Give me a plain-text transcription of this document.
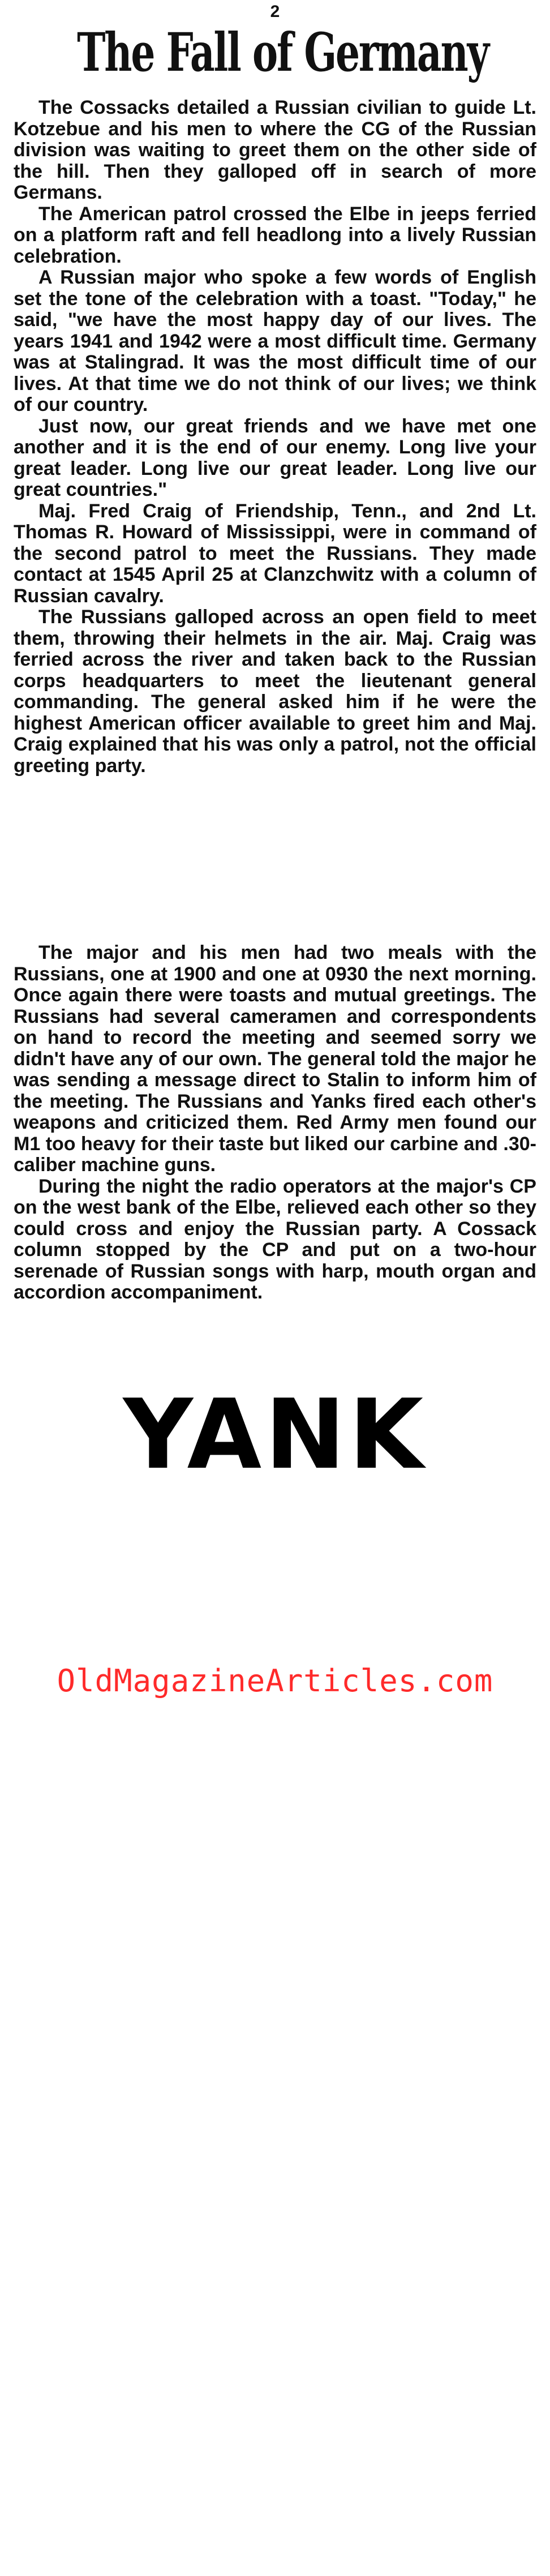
2
The Fall of Germany

The Cossacks detailed a Russian civilian to guide Lt. Kotzebue and his men to where the CG of the Russian division was waiting to greet them on the other side of the hill. Then they galloped off in search of more Germans.

The American patrol crossed the Elbe in jeeps ferried on a platform raft and fell headlong into a lively Russian celebration.

A Russian major who spoke a few words of English set the tone of the celebration with a toast. "Today," he said, "we have the most happy day of our lives. The years 1941 and 1942 were a most difficult time. Germany was at Stalingrad. It was the most difficult time of our lives. At that time we do not think of our lives; we think of our country.

Just now, our great friends and we have met one another and it is the end of our enemy. Long live your great leader. Long live our great leader. Long live our great countries."

Maj. Fred Craig of Friendship, Tenn., and 2nd Lt. Thomas R. Howard of Mississippi, were in command of the second patrol to meet the Russians. They made contact at 1545 April 25 at Clanzchwitz with a column of Russian cavalry.

The Russians galloped across an open field to meet them, throwing their helmets in the air. Maj. Craig was ferried across the river and taken back to the Russian corps headquarters to meet the lieutenant general commanding. The general asked him if he were the highest American officer available to greet him and Maj. Craig explained that his was only a patrol, not the official greeting party.

The major and his men had two meals with the Russians, one at 1900 and one at 0930 the next morning. Once again there were toasts and mutual greetings. The Russians had several cameramen and correspondents on hand to record the meeting and seemed sorry we didn't have any of our own. The general told the major he was sending a message direct to Stalin to inform him of the meeting. The Russians and Yanks fired each other's weapons and criticized them. Red Army men found our M1 too heavy for their taste but liked our carbine and .30-caliber machine guns.

During the night the radio operators at the major's CP on the west bank of the Elbe, relieved each other so they could cross and enjoy the Russian party. A Cossack column stopped by the CP and put on a two-hour serenade of Russian songs with harp, mouth organ and accordion accompaniment.

YANK
OldMagazineArticles.com
